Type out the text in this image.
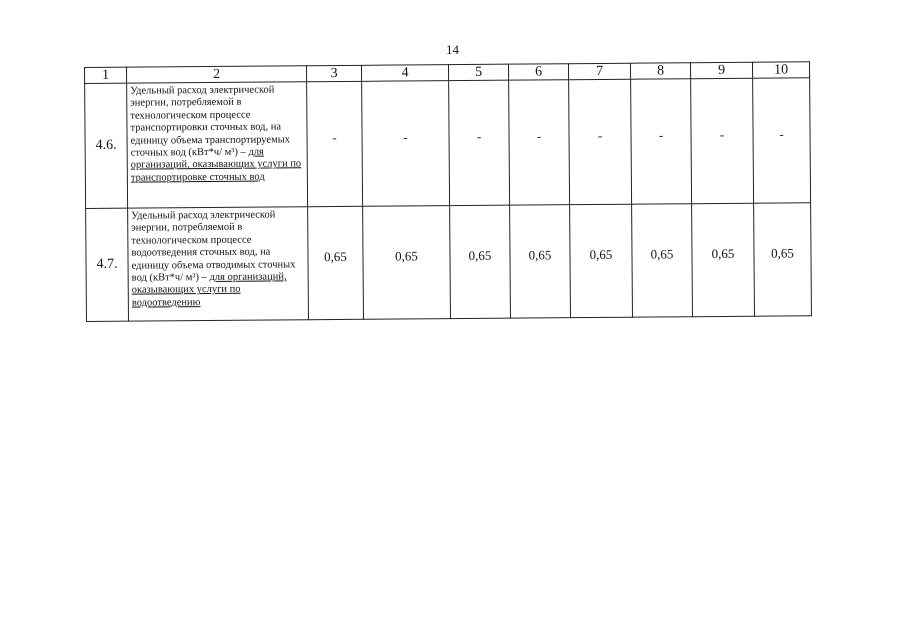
14
1	2	3	4	5	6	7	8	9	10
4.6.	Удельный расход электрической энергии, потребляемой в технологическом процессе транспортировки сточных вод, на единицу объема транспортируемых сточных вод (кВт*ч/ м³) – для организаций, оказывающих услуги по транспортировке сточных вод	-	-	-	-	-	-	-	-
4.7.	Удельный расход электрической энергии, потребляемой в технологическом процессе водоотведения сточных вод, на единицу объема отводимых сточных вод (кВт*ч/ м³) – для организаций, оказывающих услуги по водоотведению	0,65	0,65	0,65	0,65	0,65	0,65	0,65	0,65
